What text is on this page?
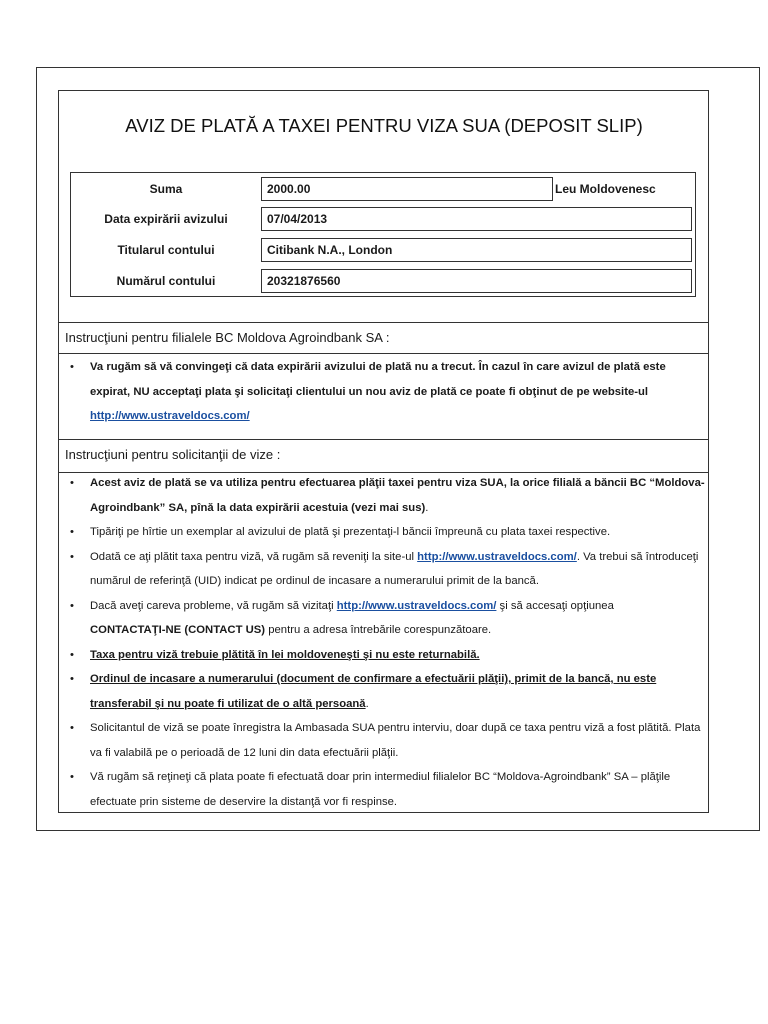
AVIZ DE PLATĂ A TAXEI PENTRU VIZA SUA (DEPOSIT SLIP)
Suma	2000.00	Leu Moldovenesc
Data expirării avizului	07/04/2013
Titularul contului	Citibank N.A., London
Numărul contului	20321876560
Instrucţiuni pentru filialele BC Moldova Agroindbank SA :
• Va rugăm să vă convingeţi că data expirării avizului de plată nu a trecut. În cazul în care avizul de plată este expirat, NU acceptaţi plata şi solicitaţi clientului un nou aviz de plată ce poate fi obţinut de pe website-ul
http://www.ustraveldocs.com/
Instrucţiuni pentru solicitanţii de vize :
• Acest aviz de plată se va utiliza pentru efectuarea plăţii taxei pentru viza SUA, la orice filială a băncii BC “Moldova-Agroindbank” SA, pînă la data expirării acestuia (vezi mai sus).
• Tipăriţi pe hîrtie un exemplar al avizului de plată şi prezentaţi-l băncii împreună cu plata taxei respective.
• Odată ce aţi plătit taxa pentru viză, vă rugăm să reveniţi la site-ul http://www.ustraveldocs.com/. Va trebui să întroduceţi numărul de referinţă (UID) indicat pe ordinul de incasare a numerarului primit de la bancă.
• Dacă aveţi careva probleme, vă rugăm să vizitaţi http://www.ustraveldocs.com/ şi să accesaţi opţiunea
CONTACTAŢI-NE (CONTACT US) pentru a adresa întrebările corespunzătoare.
• Taxa pentru viză trebuie plătită în lei moldoveneşti şi nu este returnabilă.
• Ordinul de incasare a numerarului (document de confirmare a efectuării plăţii), primit de la bancă, nu este transferabil şi nu poate fi utilizat de o altă persoană.
• Solicitantul de viză se poate înregistra la Ambasada SUA pentru interviu, doar după ce taxa pentru viză a fost plătită. Plata va fi valabilă pe o perioadă de 12 luni din data efectuării plăţii.
• Vă rugăm să reţineţi că plata poate fi efectuată doar prin intermediul filialelor BC “Moldova-Agroindbank” SA – plăţile efectuate prin sisteme de deservire la distanţă vor fi respinse.
